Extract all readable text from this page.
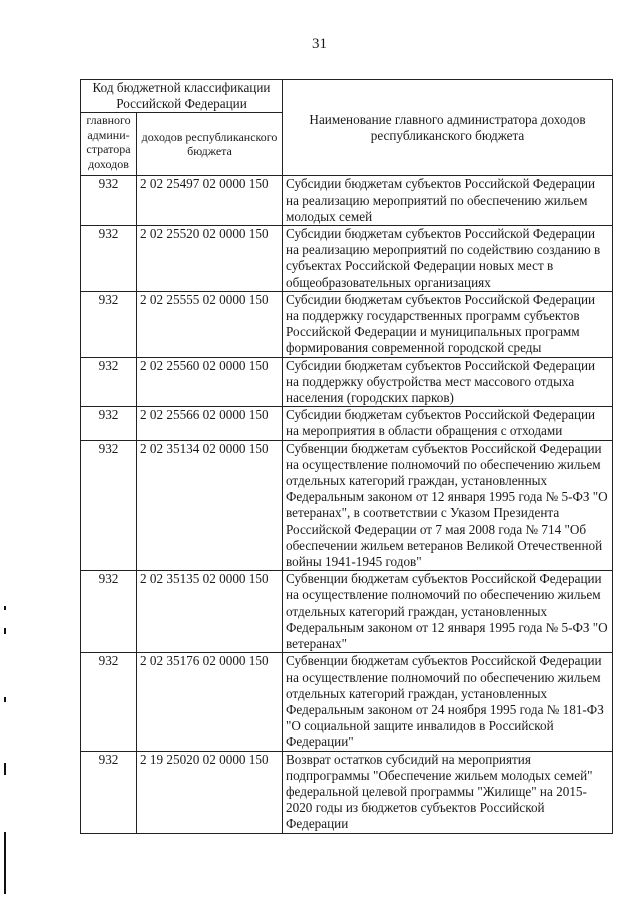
31
Код бюджетной классификации Российской Федерации		Наименование главного администратора доходов республиканского бюджета
главного админи-стратора доходов	доходов республиканского бюджета	
932	2 02 25497 02 0000 150	Субсидии бюджетам субъектов Российской Федерации на реализацию мероприятий по обеспечению жильем молодых семей
932	2 02 25520 02 0000 150	Субсидии бюджетам субъектов Российской Федерации на реализацию мероприятий по содействию созданию в субъектах Российской Федерации новых мест в общеобразовательных организациях
932	2 02 25555 02 0000 150	Субсидии бюджетам субъектов Российской Федерации на поддержку государственных программ субъектов Российской Федерации и муниципальных программ формирования современной городской среды
932	2 02 25560 02 0000 150	Субсидии бюджетам субъектов Российской Федерации на поддержку обустройства мест массового отдыха населения (городских парков)
932	2 02 25566 02 0000 150	Субсидии бюджетам субъектов Российской Федерации на мероприятия в области обращения с отходами
932	2 02 35134 02 0000 150	Субвенции бюджетам субъектов Российской Федерации на осуществление полномочий по обеспечению жильем отдельных категорий граждан, установленных Федеральным законом от 12 января 1995 года № 5-ФЗ "О ветеранах", в соответствии с Указом Президента Российской Федерации от 7 мая 2008 года № 714 "Об обеспечении жильем ветеранов Великой Отечественной войны 1941-1945 годов"
932	2 02 35135 02 0000 150	Субвенции бюджетам субъектов Российской Федерации на осуществление полномочий по обеспечению жильем отдельных категорий граждан, установленных Федеральным законом от 12 января 1995 года № 5-ФЗ "О ветеранах"
932	2 02 35176 02 0000 150	Субвенции бюджетам субъектов Российской Федерации на осуществление полномочий по обеспечению жильем отдельных категорий граждан, установленных Федеральным законом от 24 ноября 1995 года № 181-ФЗ "О социальной защите инвалидов в Российской Федерации"
932	2 19 25020 02 0000 150	Возврат остатков субсидий на мероприятия подпрограммы "Обеспечение жильем молодых семей" федеральной целевой программы "Жилище" на 2015-2020 годы из бюджетов субъектов Российской Федерации
